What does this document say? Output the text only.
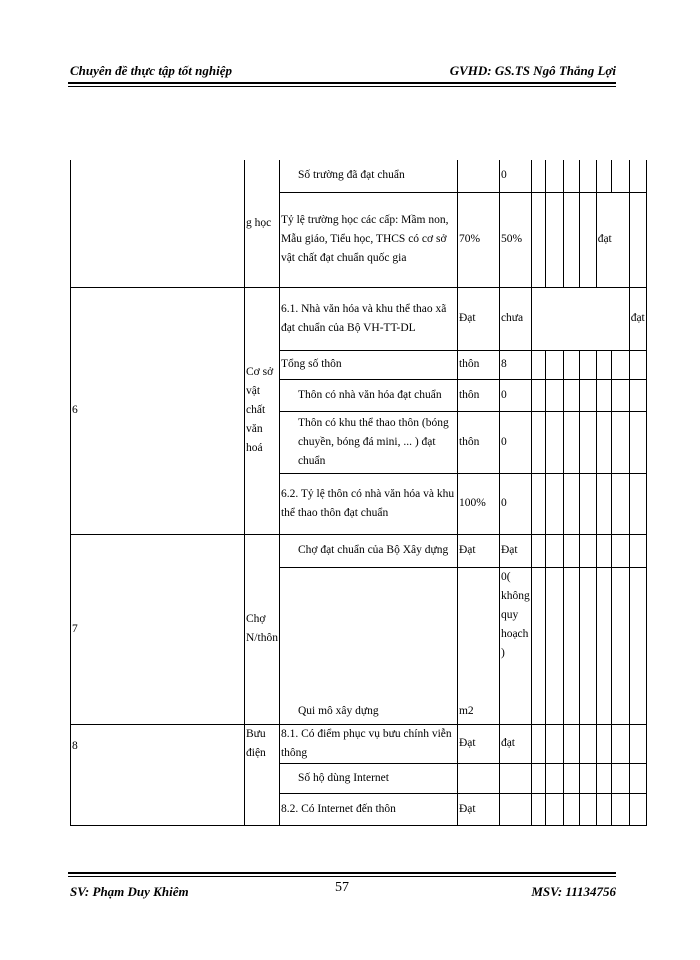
Chuyên đề thực tập tốt nghiệp	GVHD: GS.TS Ngô Thắng Lợi
	g học	Số trường đã đạt chuẩn		0							
		Tỷ lệ trường học các cấp: Mầm non, Mẫu giáo, Tiểu học, THCS có cơ sở vật chất đạt chuẩn quốc gia	70%	50%					đạt		
6	Cơ sở vật chất văn hoá	6.1. Nhà văn hóa và khu thể thao xã đạt chuẩn của Bộ VH-TT-DL	Đạt	chưa							đạt
		Tổng số thôn	thôn	8							
		Thôn có nhà văn hóa đạt chuẩn	thôn	0							
		Thôn có khu thể thao thôn (bóng chuyền, bóng đá mini, ... ) đạt chuẩn	thôn	0							
		6.2. Tỷ lệ thôn có nhà văn hóa và khu thể thao thôn đạt chuẩn	100%	0							
7	Chợ N/thôn	Chợ đạt chuẩn của Bộ Xây dựng	Đạt	Đạt							
		Qui mô xây dựng	m2	0( không quy hoạch )							
8	Bưu điện	8.1. Có điểm phục vụ bưu chính viễn thông	Đạt	đạt							
		Số hộ dùng Internet									
		8.2. Có Internet đến thôn	Đạt								
SV: Phạm Duy Khiêm	57	MSV: 11134756
